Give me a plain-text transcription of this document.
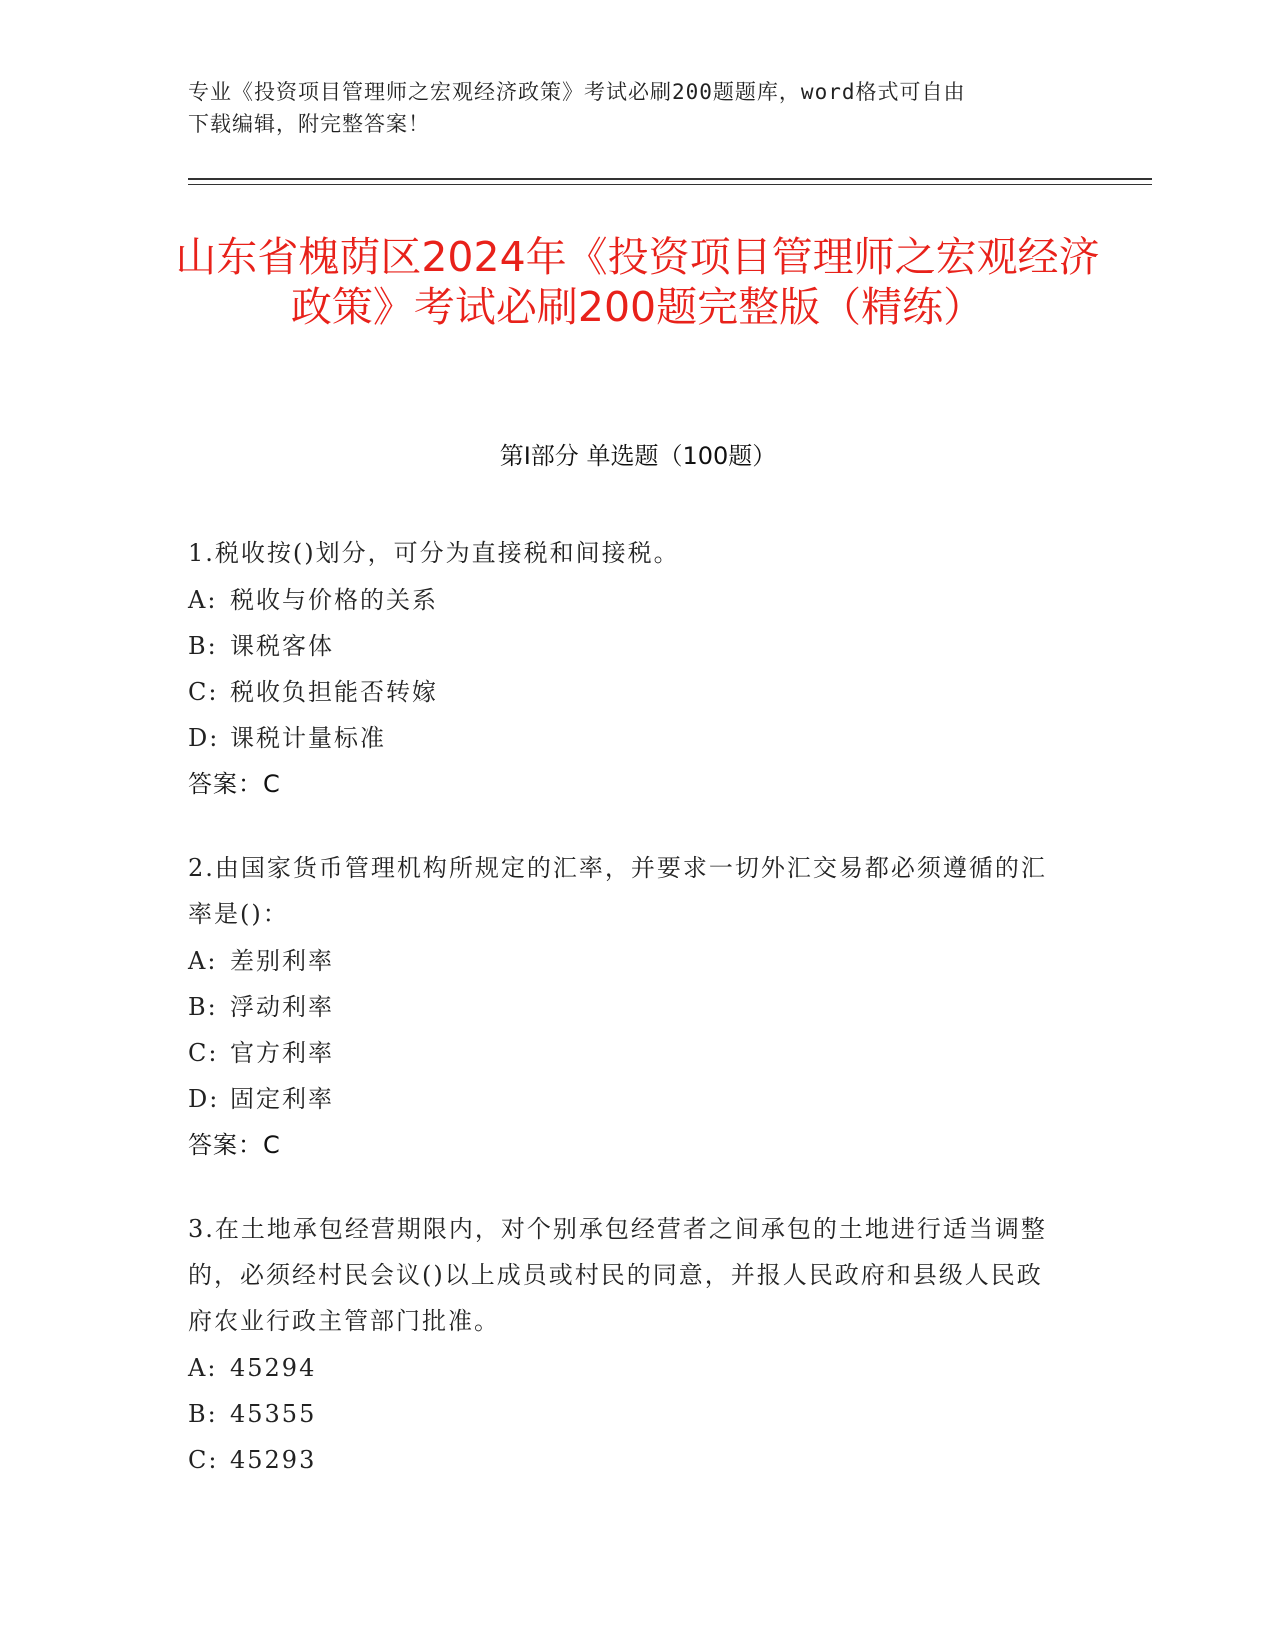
专业《投资项目管理师之宏观经济政策》考试必刷200题题库，word格式可自由
下载编辑，附完整答案！
山东省槐荫区2024年《投资项目管理师之宏观经济政策》考试必刷200题完整版（精练）
第Ⅰ部分 单选题（100题）
1.税收按()划分，可分为直接税和间接税。
A: 税收与价格的关系
B: 课税客体
C: 税收负担能否转嫁
D: 课税计量标准
答案：C
2.由国家货币管理机构所规定的汇率，并要求一切外汇交易都必须遵循的汇率是()：
A: 差别利率
B: 浮动利率
C: 官方利率
D: 固定利率
答案：C
3.在土地承包经营期限内，对个别承包经营者之间承包的土地进行适当调整的，必须经村民会议()以上成员或村民的同意，并报人民政府和县级人民政府农业行政主管部门批准。
A: 45294
B: 45355
C: 45293
